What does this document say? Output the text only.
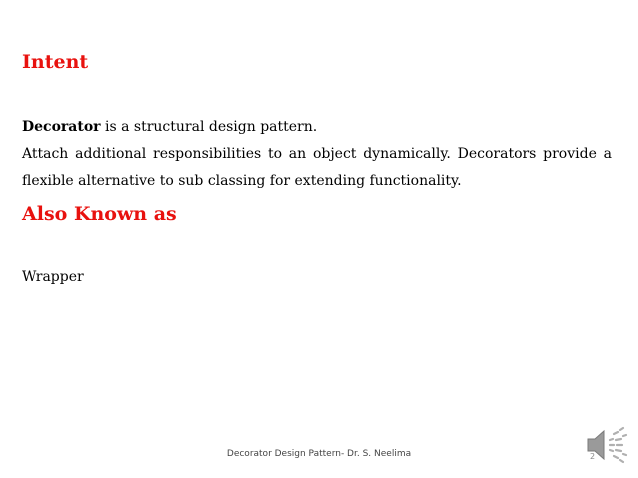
Intent

Decorator is a structural design pattern.

Attach additional responsibilities to an object dynamically. Decorators provide a flexible alternative to sub classing for extending functionality.

Also Known as

Wrapper

Decorator Design Pattern- Dr. S. Neelima	2
